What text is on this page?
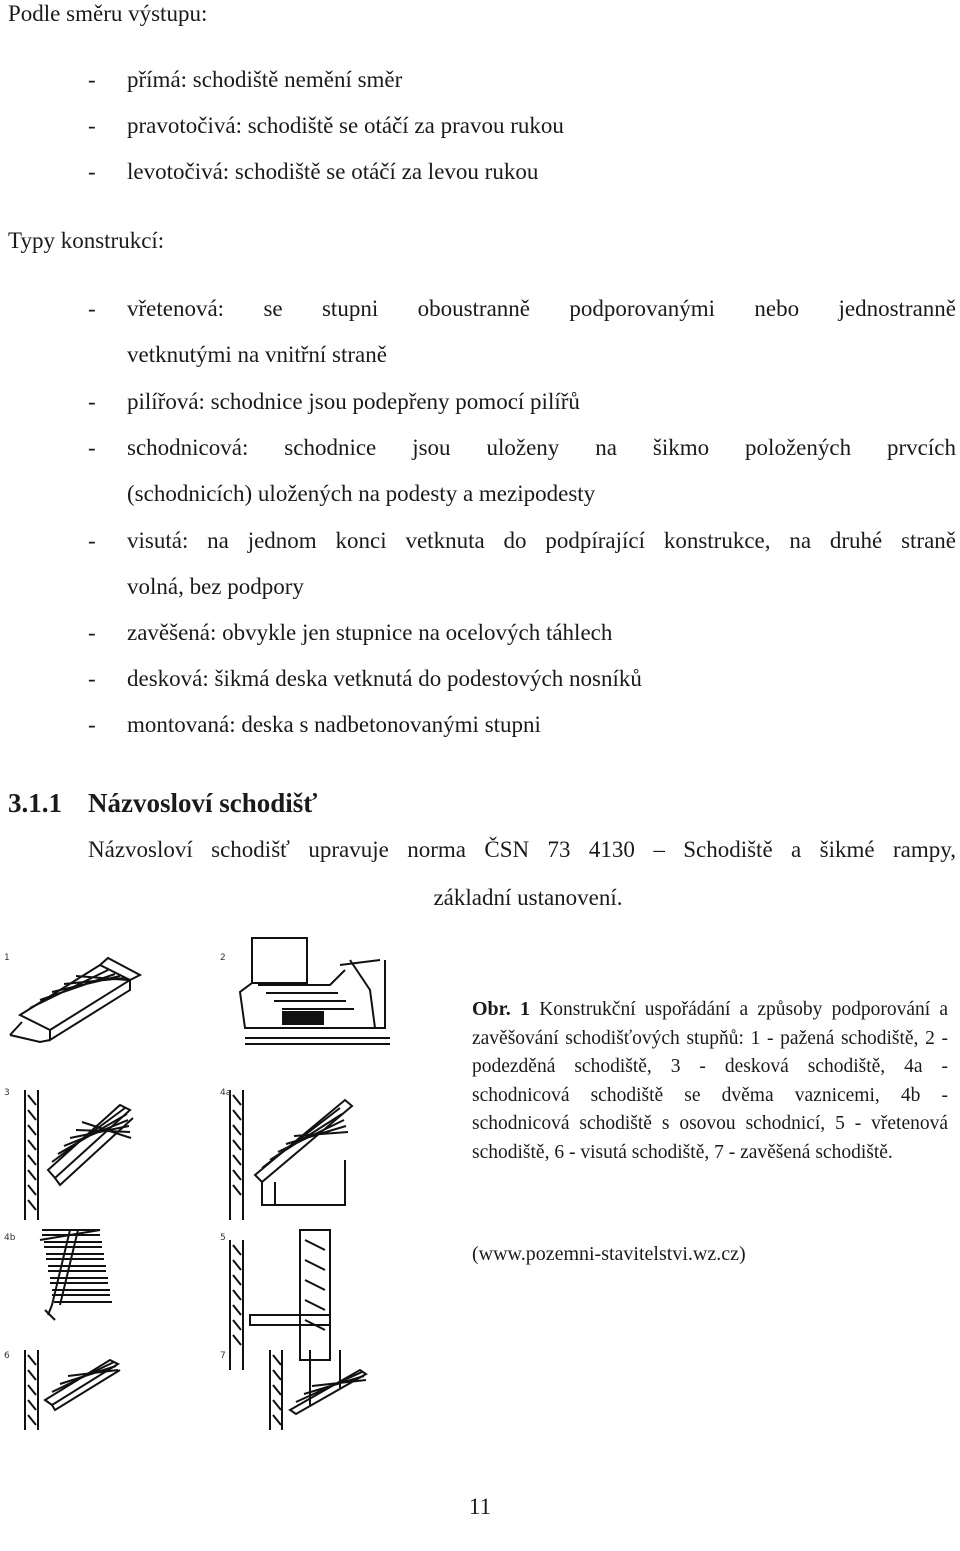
Podle směru výstupu:
- přímá: schodiště nemění směr
- pravotočivá: schodiště se otáčí za pravou rukou
- levotočivá: schodiště se otáčí za levou rukou
Typy konstrukcí:
- vřetenová: se stupni oboustranně podporovanými nebo jednostranně
vetknutými na vnitřní straně
- pilířová: schodnice jsou podepřeny pomocí pilířů
- schodnicová: schodnice jsou uloženy na šikmo položených prvcích
(schodnicích) uložených na podesty a mezipodesty
- visutá: na jednom konci vetknuta do podpírající konstrukce, na druhé straně
volná, bez podpory
- zavěšená: obvykle jen stupnice na ocelových táhlech
- desková: šikmá deska vetknutá do podestových nosníků
- montovaná: deska s nadbetonovanými stupni
3.1.1 Názvosloví schodišť
Názvosloví schodišť upravuje norma ČSN 73 4130 – Schodiště a šikmé rampy,
základní ustanovení.
1	2
3	4a
4b	5
6	7
Obr. 1 Konstrukční uspořádání a způsoby podporování a zavěšování schodišťových stupňů: 1 - pažená schodiště, 2 - podezděná schodiště, 3 - desková schodiště, 4a - schodnicová schodiště se dvěma vaznicemi, 4b - schodnicová schodiště s osovou schodnicí, 5 - vřetenová schodiště, 6 - visutá schodiště, 7 - zavěšená schodiště.
(www.pozemni-stavitelstvi.wz.cz)
11
